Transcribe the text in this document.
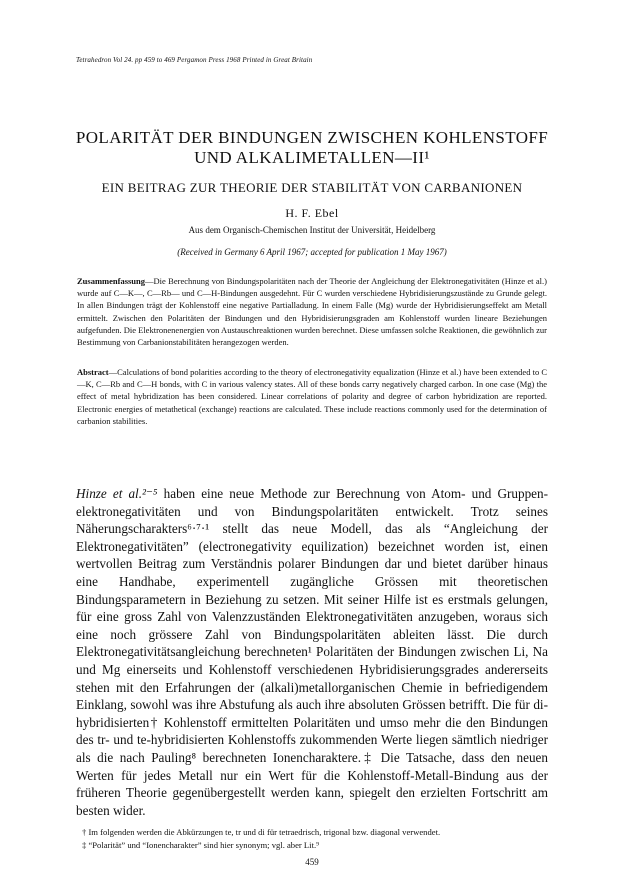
Tetrahedron Vol 24. pp 459 to 469 Pergamon Press 1968 Printed in Great Britain
POLARITÄT DER BINDUNGEN ZWISCHEN KOHLENSTOFF
UND ALKALIMETALLEN—II¹
EIN BEITRAG ZUR THEORIE DER STABILITÄT VON CARBANIONEN
H. F. Ebel
Aus dem Organisch-Chemischen Institut der Universität, Heidelberg
(Received in Germany 6 April 1967; accepted for publication 1 May 1967)
Zusammenfassung—Die Berechnung von Bindungspolaritäten nach der Theorie der Angleichung der Elektronegativitäten (Hinze et al.) wurde auf C—K—, C—Rb— und C—H-Bindungen ausgedehnt. Für C wurden verschiedene Hybridisierungszustände zu Grunde gelegt. In allen Bindungen trägt der Kohlenstoff eine negative Partialladung. In einem Falle (Mg) wurde der Hybridisierungseffekt am Metall ermittelt. Zwischen den Polaritäten der Bindungen und den Hybridisierungsgraden am Kohlenstoff wurden lineare Beziehungen aufgefunden. Die Elektronenenergien von Austauschreaktionen wurden berechnet. Diese umfassen solche Reaktionen, die gewöhnlich zur Bestimmung von Carbanionstabilitäten herangezogen werden.
Abstract—Calculations of bond polarities according to the theory of electronegativity equalization (Hinze et al.) have been extended to C—K, C—Rb and C—H bonds, with C in various valency states. All of these bonds carry negatively charged carbon. In one case (Mg) the effect of metal hybridization has been considered. Linear correlations of polarity and degree of carbon hybridization are reported. Electronic energies of metathetical (exchange) reactions are calculated. These include reactions commonly used for the determination of carbanion stabilities.
Hinze et al.²⁻⁵ haben eine neue Methode zur Berechnung von Atom- und Gruppen-elektronegativitäten und von Bindungspolaritäten entwickelt. Trotz seines Näherungscharakters⁶·⁷·¹ stellt das neue Modell, das als “Angleichung der Elektronegativitäten” (electronegativity equilization) bezeichnet worden ist, einen wertvollen Beitrag zum Verständnis polarer Bindungen dar und bietet darüber hinaus eine Handhabe, experimentell zugängliche Grössen mit theoretischen Bindungsparametern in Beziehung zu setzen. Mit seiner Hilfe ist es erstmals gelungen, für eine gross Zahl von Valenzzuständen Elektronegativitäten anzugeben, woraus sich eine noch grössere Zahl von Bindungspolaritäten ableiten lässt. Die durch Elektronegativitätsangleichung berechneten¹ Polaritäten der Bindungen zwischen Li, Na und Mg einerseits und Kohlenstoff verschiedenen Hybridisierungsgrades andererseits stehen mit den Erfahrungen der (alkali)metallorganischen Chemie in befriedigendem Einklang, sowohl was ihre Abstufung als auch ihre absoluten Grössen betrifft. Die für di-hybridisierten† Kohlenstoff ermittelten Polaritäten und umso mehr die den Bindungen des tr- und te-hybridisierten Kohlenstoffs zukommenden Werte liegen sämtlich niedriger als die nach Pauling⁸ berechneten Ionencharaktere.‡ Die Tatsache, dass den neuen Werten für jedes Metall nur ein Wert für die Kohlenstoff-Metall-Bindung aus der früheren Theorie gegenübergestellt werden kann, spiegelt den erzielten Fortschritt am besten wider.
† Im folgenden werden die Abkürzungen te, tr und di für tetraedrisch, trigonal bzw. diagonal verwendet.
‡ “Polarität” und “Ionencharakter” sind hier synonym; vgl. aber Lit.⁹
459
